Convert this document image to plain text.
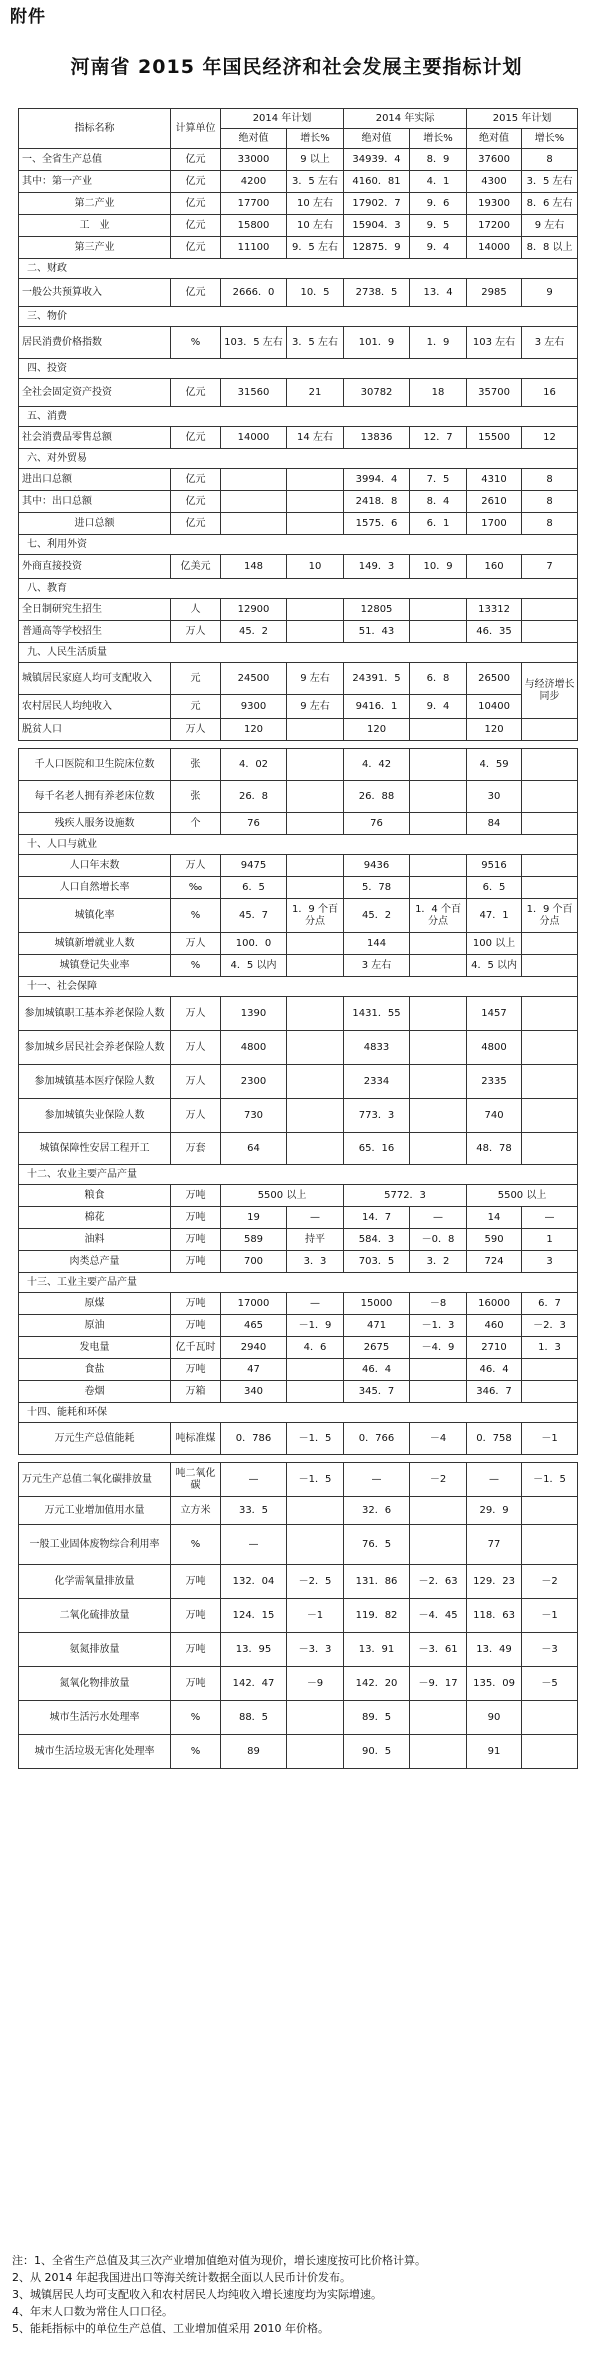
附件
河南省 2015 年国民经济和社会发展主要指标计划
指标名称	计算单位	2014 年计划		2014 年实际		2015 年计划	
		绝对值	增长%	绝对值	增长%	绝对值	增长%
一、全省生产总值	亿元	33000	9 以上	34939．4	8．9	37600	8
其中：第一产业	亿元	4200	3．5 左右	4160．81	4．1	4300	3．5 左右
第二产业	亿元	17700	10 左右	17902．7	9．6	19300	8．6 左右
工　业	亿元	15800	10 左右	15904．3	9．5	17200	9 左右
第三产业	亿元	11100	9．5 左右	12875．9	9．4	14000	8．8 以上
二、财政							
一般公共预算收入	亿元	2666．0	10．5	2738．5	13．4	2985	9
三、物价							
居民消费价格指数	%	103．5 左右	3．5 左右	101．9	1．9	103 左右	3 左右
四、投资							
全社会固定资产投资	亿元	31560	21	30782	18	35700	16
五、消费							
社会消费品零售总额	亿元	14000	14 左右	13836	12．7	15500	12
六、对外贸易							
进出口总额	亿元			3994．4	7．5	4310	8
其中：出口总额	亿元			2418．8	8．4	2610	8
进口总额	亿元			1575．6	6．1	1700	8
七、利用外资							
外商直接投资	亿美元	148	10	149．3	10．9	160	7
八、教育							
全日制研究生招生	人	12900		12805		13312	
普通高等学校招生	万人	45．2		51．43		46．35	
九、人民生活质量							
城镇居民家庭人均可支配收入	元	24500	9 左右	24391．5	6．8	26500	与经济增长同步
农村居民人均纯收入	元	9300	9 左右	9416．1	9．4	10400	
脱贫人口	万人	120		120		120	

千人口医院和卫生院床位数	张	4．02		4．42		4．59	
每千名老人拥有养老床位数	张	26．8		26．88		30	
残疾人服务设施数	个	76		76		84	
十、人口与就业							
人口年末数	万人	9475		9436		9516	
人口自然增长率	‰	6．5		5．78		6．5	
城镇化率	%	45．7	1．9 个百分点	45．2	1．4 个百分点	47．1	1．9 个百分点
城镇新增就业人数	万人	100．0		144		100 以上	
城镇登记失业率	%	4．5 以内		3 左右		4．5 以内	
十一、社会保障							
参加城镇职工基本养老保险人数	万人	1390		1431．55		1457	
参加城乡居民社会养老保险人数	万人	4800		4833		4800	
参加城镇基本医疗保险人数	万人	2300		2334		2335	
参加城镇失业保险人数	万人	730		773．3		740	
城镇保障性安居工程开工	万套	64		65．16		48．78	
十二、农业主要产品产量							
粮食	万吨	5500 以上		5772．3		5500 以上	
棉花	万吨	19	—	14．7	—	14	—
油料	万吨	589	持平	584．3	－0．8	590	1
肉类总产量	万吨	700	3．3	703．5	3．2	724	3
十三、工业主要产品产量							
原煤	万吨	17000	—	15000	－8	16000	6．7
原油	万吨	465	－1．9	471	－1．3	460	－2．3
发电量	亿千瓦时	2940	4．6	2675	－4．9	2710	1．3
食盐	万吨	47		46．4		46．4	
卷烟	万箱	340		345．7		346．7	
十四、能耗和环保							
万元生产总值能耗	吨标准煤	0．786	－1．5	0．766	－4	0．758	－1

万元生产总值二氧化碳排放量	吨二氧化碳	—	－1．5	—	－2	—	－1．5
万元工业增加值用水量	立方米	33．5		32．6		29．9	
一般工业固体废物综合利用率	%	—		76．5		77	
化学需氧量排放量	万吨	132．04	－2．5	131．86	－2．63	129．23	－2
二氧化硫排放量	万吨	124．15	－1	119．82	－4．45	118．63	－1
氨氮排放量	万吨	13．95	－3．3	13．91	－3．61	13．49	－3
氮氧化物排放量	万吨	142．47	－9	142．20	－9．17	135．09	－5
城市生活污水处理率	%	88．5		89．5		90	
城市生活垃圾无害化处理率	%	89		90．5		91	
注：1、全省生产总值及其三次产业增加值绝对值为现价，增长速度按可比价格计算。
2、从 2014 年起我国进出口等海关统计数据全面以人民币计价发布。
3、城镇居民人均可支配收入和农村居民人均纯收入增长速度均为实际增速。
4、年末人口数为常住人口口径。
5、能耗指标中的单位生产总值、工业增加值采用 2010 年价格。
